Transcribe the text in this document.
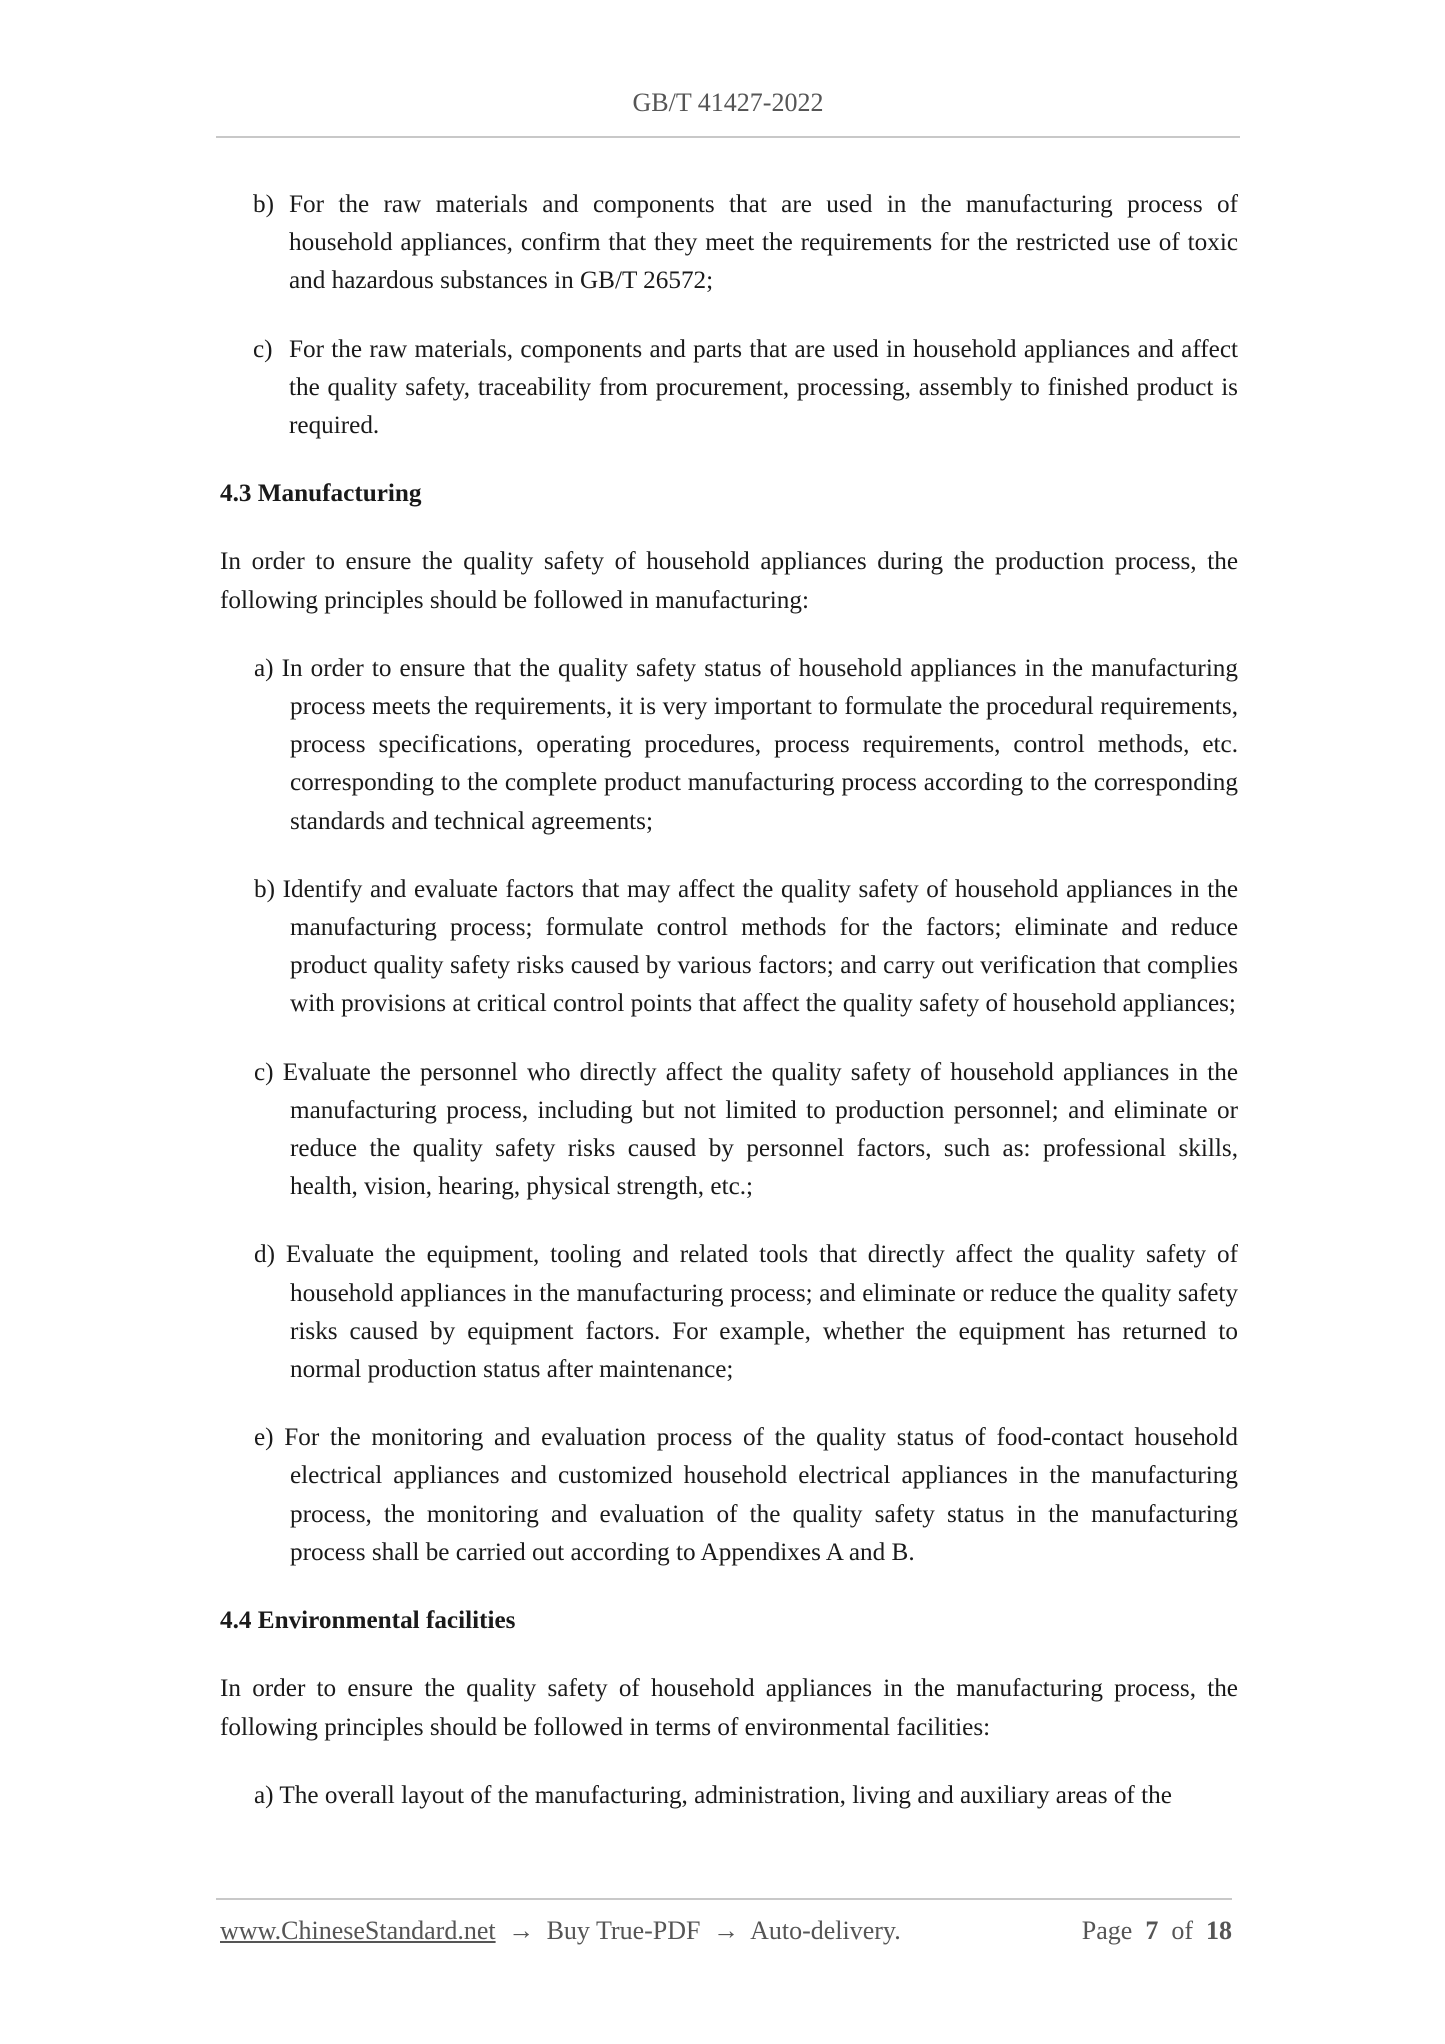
GB/T 41427-2022
b) For the raw materials and components that are used in the manufacturing process of household appliances, confirm that they meet the requirements for the restricted use of toxic and hazardous substances in GB/T 26572;
c) For the raw materials, components and parts that are used in household appliances and affect the quality safety, traceability from procurement, processing, assembly to finished product is required.
4.3 Manufacturing
In order to ensure the quality safety of household appliances during the production process, the following principles should be followed in manufacturing:
a) In order to ensure that the quality safety status of household appliances in the manufacturing process meets the requirements, it is very important to formulate the procedural requirements, process specifications, operating procedures, process requirements, control methods, etc. corresponding to the complete product manufacturing process according to the corresponding standards and technical agreements;
b) Identify and evaluate factors that may affect the quality safety of household appliances in the manufacturing process; formulate control methods for the factors; eliminate and reduce product quality safety risks caused by various factors; and carry out verification that complies with provisions at critical control points that affect the quality safety of household appliances;
c) Evaluate the personnel who directly affect the quality safety of household appliances in the manufacturing process, including but not limited to production personnel; and eliminate or reduce the quality safety risks caused by personnel factors, such as: professional skills, health, vision, hearing, physical strength, etc.;
d) Evaluate the equipment, tooling and related tools that directly affect the quality safety of household appliances in the manufacturing process; and eliminate or reduce the quality safety risks caused by equipment factors. For example, whether the equipment has returned to normal production status after maintenance;
e) For the monitoring and evaluation process of the quality status of food-contact household electrical appliances and customized household electrical appliances in the manufacturing process, the monitoring and evaluation of the quality safety status in the manufacturing process shall be carried out according to Appendixes A and B.
4.4 Environmental facilities
In order to ensure the quality safety of household appliances in the manufacturing process, the following principles should be followed in terms of environmental facilities:
a) The overall layout of the manufacturing, administration, living and auxiliary areas of the
www.ChineseStandard.net → Buy True-PDF → Auto-delivery.	Page 7 of 18
